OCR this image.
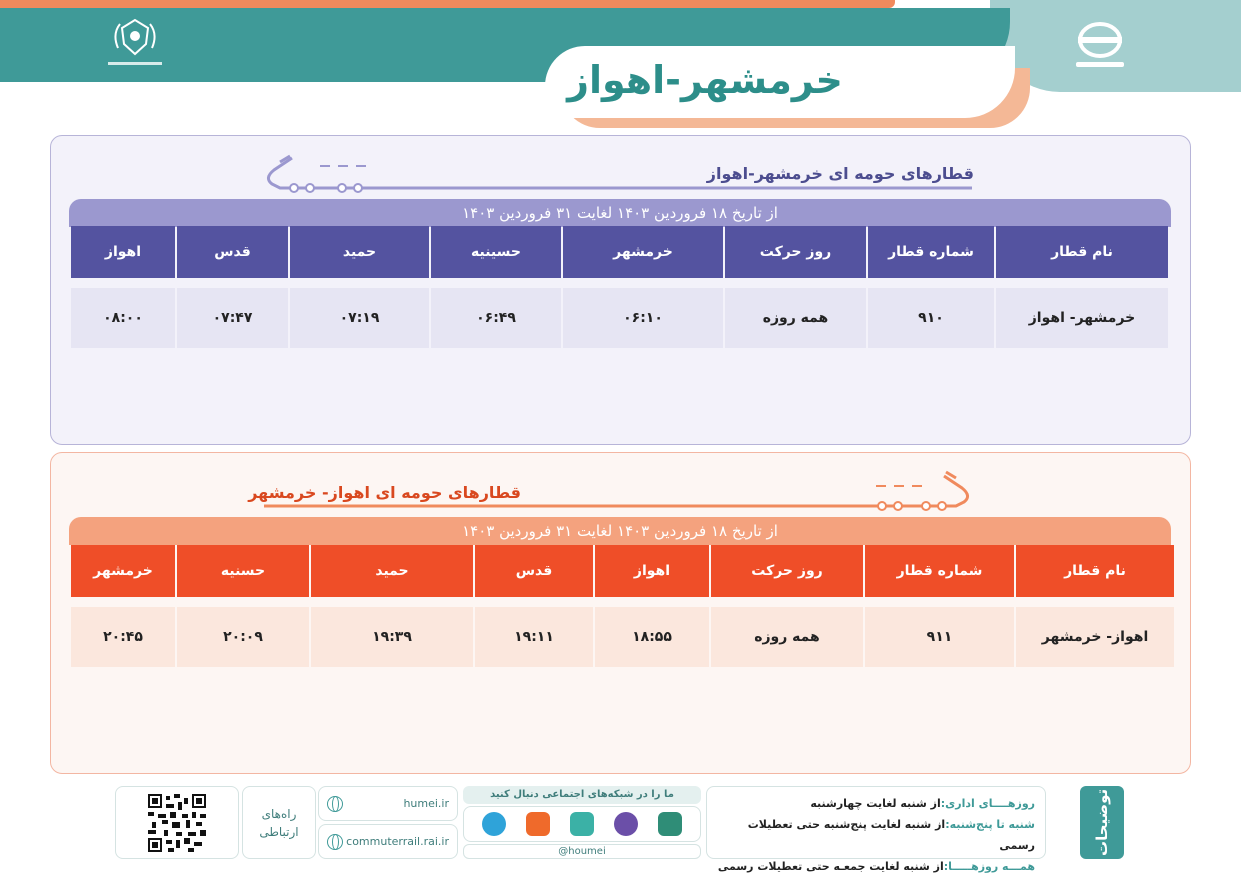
خرمشهر-اهواز
قطارهای حومه ای خرمشهر-اهواز
از تاریخ ۱۸ فروردین ۱۴۰۳ لغایت ۳۱ فروردین ۱۴۰۳
نام قطار	شماره قطار	روز حرکت	خرمشهر	حسینیه	حمید	قدس	اهواز

خرمشهر- اهواز	۹۱۰	همه روزه	۰۶:۱۰	۰۶:۴۹	۰۷:۱۹	۰۷:۴۷	۰۸:۰۰
قطارهای حومه ای اهواز- خرمشهر
از تاریخ ۱۸ فروردین ۱۴۰۳ لغایت ۳۱ فروردین ۱۴۰۳
نام قطار	شماره قطار	روز حرکت	اهواز	قدس	حمید	حسنیه	خرمشهر

اهواز- خرمشهر	۹۱۱	همه روزه	۱۸:۵۵	۱۹:۱۱	۱۹:۳۹	۲۰:۰۹	۲۰:۴۵
توضیحات
روزهــــای اداری:از شنبه لغایت چهارشنبه
شنبه تا پنج‌شنبه:از شنبه لغایت پنج‌شنبه حتی تعطیلات رسمی
همـــه روزهـــــا:از شنبه لغایت جمعـه حتی تعطیلات رسمی
ما را در شبکه‌های اجتماعی دنبال کنید
@houmei
humei.ir
commuterrail.rai.ir
راه‌های ارتباطی
